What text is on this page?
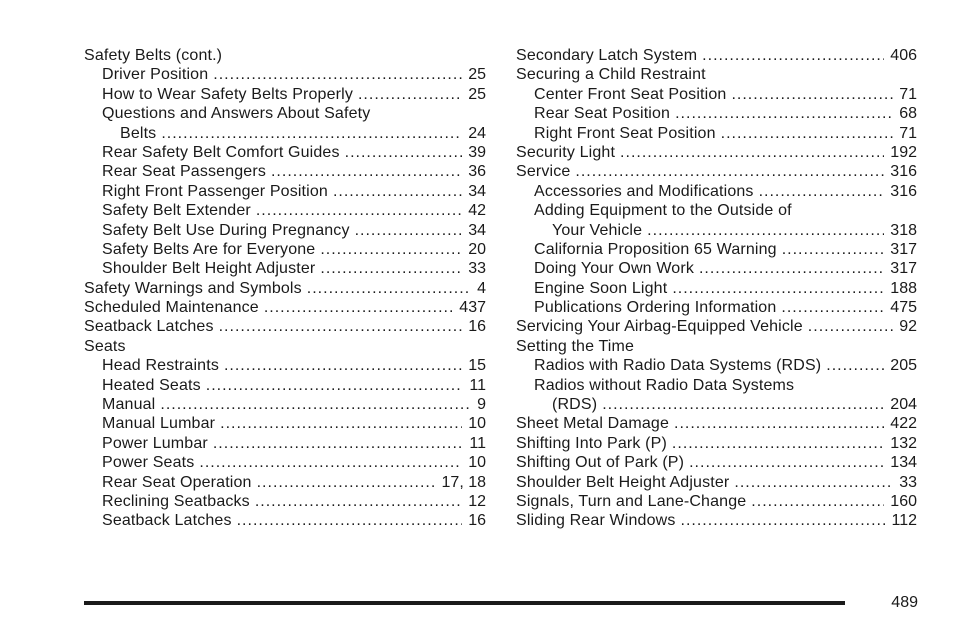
Safety Belts (cont.)
Driver Position .....	25
How to Wear Safety Belts Properly .....	25
Questions and Answers About Safety
Belts .....	24
Rear Safety Belt Comfort Guides .....	39
Rear Seat Passengers .....	36
Right Front Passenger Position .....	34
Safety Belt Extender .....	42
Safety Belt Use During Pregnancy .....	34
Safety Belts Are for Everyone .....	20
Shoulder Belt Height Adjuster .....	33
Safety Warnings and Symbols .....	4
Scheduled Maintenance .....	437
Seatback Latches .....	16
Seats
Head Restraints .....	15
Heated Seats .....	11
Manual .....	9
Manual Lumbar .....	10
Power Lumbar .....	11
Power Seats .....	10
Rear Seat Operation .....	17, 18
Reclining Seatbacks .....	12
Seatback Latches .....	16
Secondary Latch System .....	406
Securing a Child Restraint
Center Front Seat Position .....	71
Rear Seat Position .....	68
Right Front Seat Position .....	71
Security Light .....	192
Service .....	316
Accessories and Modifications .....	316
Adding Equipment to the Outside of
Your Vehicle .....	318
California Proposition 65 Warning .....	317
Doing Your Own Work .....	317
Engine Soon Light .....	188
Publications Ordering Information .....	475
Servicing Your Airbag-Equipped Vehicle .....	92
Setting the Time
Radios with Radio Data Systems (RDS) .....	205
Radios without Radio Data Systems
(RDS) .....	204
Sheet Metal Damage .....	422
Shifting Into Park (P) .....	132
Shifting Out of Park (P) .....	134
Shoulder Belt Height Adjuster .....	33
Signals, Turn and Lane-Change .....	160
Sliding Rear Windows .....	112
489
